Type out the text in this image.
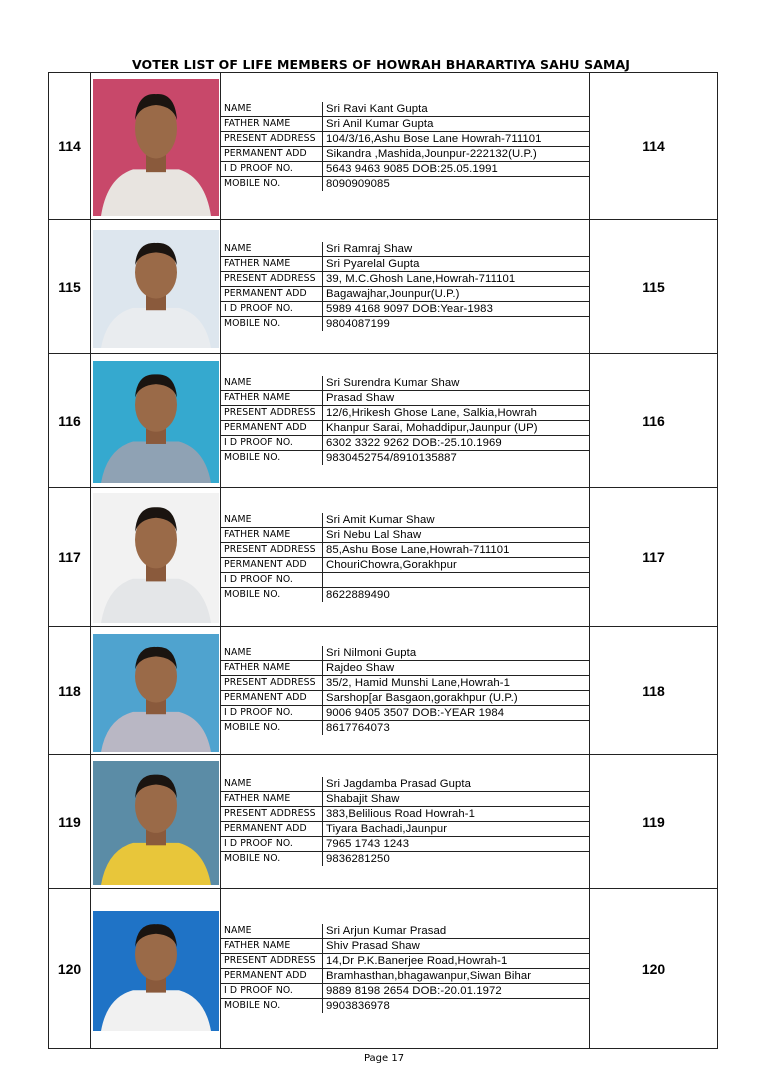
VOTER LIST OF LIFE MEMBERS OF HOWRAH BHARARTIYA SAHU SAMAJ
114	

NAME	Sri Ravi Kant Gupta
FATHER NAME	Sri Anil Kumar Gupta
PRESENT ADDRESS	104/3/16,Ashu Bose Lane Howrah-711101
PERMANENT ADD	Sikandra ,Mashida,Jounpur-222132(U.P.)
I D PROOF NO.	5643 9463 9085 DOB:25.05.1991
MOBILE NO.	8090909085
	114
115	

NAME	Sri Ramraj Shaw
FATHER NAME	Sri Pyarelal Gupta
PRESENT ADDRESS	39, M.C.Ghosh Lane,Howrah-711101
PERMANENT ADD	Bagawajhar,Jounpur(U.P.)
I D PROOF NO.	5989 4168 9097 DOB:Year-1983
MOBILE NO.	9804087199
	115
116	

NAME	Sri Surendra Kumar Shaw
FATHER NAME	Prasad Shaw
PRESENT ADDRESS	12/6,Hrikesh Ghose Lane, Salkia,Howrah
PERMANENT ADD	Khanpur Sarai, Mohaddipur,Jaunpur (UP)
I D PROOF NO.	6302 3322 9262 DOB:-25.10.1969
MOBILE NO.	9830452754/8910135887
	116
117	

NAME	Sri Amit Kumar Shaw
FATHER NAME	Sri Nebu Lal Shaw
PRESENT ADDRESS	85,Ashu Bose Lane,Howrah-711101
PERMANENT ADD	ChouriChowra,Gorakhpur
I D PROOF NO.	
MOBILE NO.	8622889490
	117
118	

NAME	Sri Nilmoni Gupta
FATHER NAME	Rajdeo Shaw
PRESENT ADDRESS	35/2, Hamid Munshi Lane,Howrah-1
PERMANENT ADD	Sarshop[ar Basgaon,gorakhpur (U.P.)
I D PROOF NO.	9006 9405 3507 DOB:-YEAR 1984
MOBILE NO.	8617764073
	118
119	

NAME	Sri Jagdamba Prasad Gupta
FATHER NAME	Shabajit Shaw
PRESENT ADDRESS	383,Belilious Road Howrah-1
PERMANENT ADD	Tiyara Bachadi,Jaunpur
I D PROOF NO.	7965 1743 1243
MOBILE NO.	9836281250
	119
120	

NAME	Sri Arjun Kumar Prasad
FATHER NAME	Shiv Prasad Shaw
PRESENT ADDRESS	14,Dr P.K.Banerjee Road,Howrah-1
PERMANENT ADD	Bramhasthan,bhagawanpur,Siwan Bihar
I D PROOF NO.	9889 8198 2654 DOB:-20.01.1972
MOBILE NO.	9903836978
	120
Page 17
